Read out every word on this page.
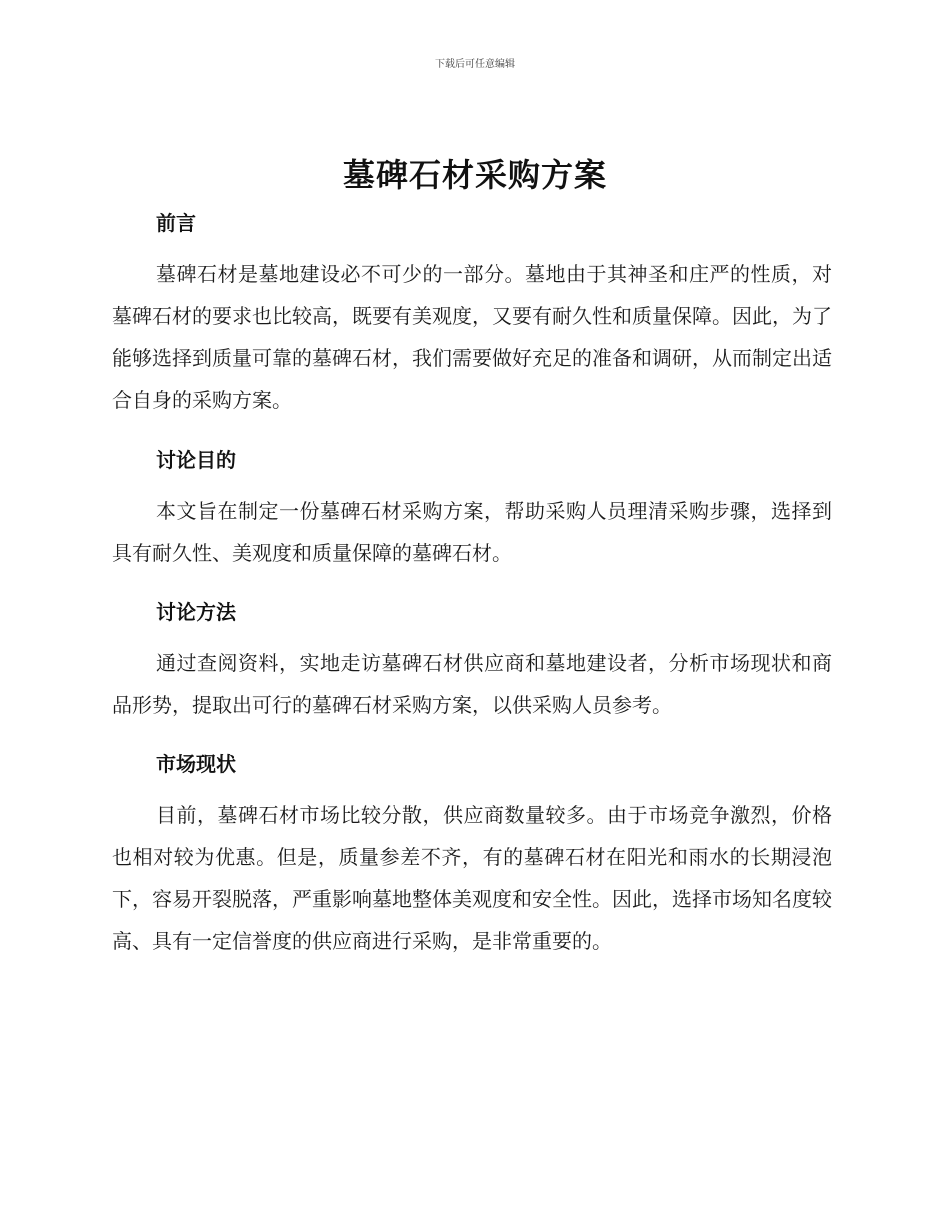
下载后可任意编辑
墓碑石材采购方案
前言
墓碑石材是墓地建设必不可少的一部分。墓地由于其神圣和庄严的性质，对墓碑石材的要求也比较高，既要有美观度，又要有耐久性和质量保障。因此，为了能够选择到质量可靠的墓碑石材，我们需要做好充足的准备和调研，从而制定出适合自身的采购方案。
讨论目的
本文旨在制定一份墓碑石材采购方案，帮助采购人员理清采购步骤，选择到具有耐久性、美观度和质量保障的墓碑石材。
讨论方法
通过查阅资料，实地走访墓碑石材供应商和墓地建设者，分析市场现状和商品形势，提取出可行的墓碑石材采购方案，以供采购人员参考。
市场现状
目前，墓碑石材市场比较分散，供应商数量较多。由于市场竞争激烈，价格也相对较为优惠。但是，质量参差不齐，有的墓碑石材在阳光和雨水的长期浸泡下，容易开裂脱落，严重影响墓地整体美观度和安全性。因此，选择市场知名度较高、具有一定信誉度的供应商进行采购，是非常重要的。
